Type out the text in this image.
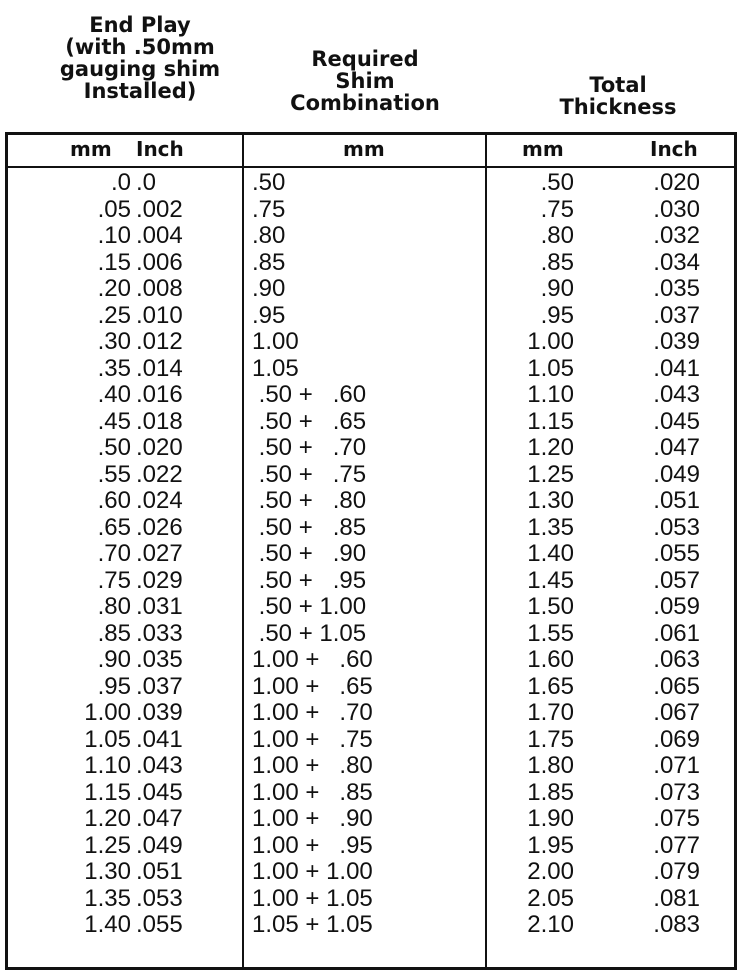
End Play
(with .50mm
gauging shim
Installed)
Required
Shim
Combination
Total
Thickness
mm Inch	mm	mm	Inch
.0 .0	.50	.50	.020
.05 .002	.75	.75	.030
.10 .004	.80	.80	.032
.15 .006	.85	.85	.034
.20 .008	.90	.90	.035
.25 .010	.95	.95	.037
.30 .012	1.00	1.00	.039
.35 .014	1.05	1.05	.041
.40 .016	.50 +   .60	1.10	.043
.45 .018	.50 +   .65	1.15	.045
.50 .020	.50 +   .70	1.20	.047
.55 .022	.50 +   .75	1.25	.049
.60 .024	.50 +   .80	1.30	.051
.65 .026	.50 +   .85	1.35	.053
.70 .027	.50 +   .90	1.40	.055
.75 .029	.50 +   .95	1.45	.057
.80 .031	.50 + 1.00	1.50	.059
.85 .033	.50 + 1.05	1.55	.061
.90 .035	1.00 +   .60	1.60	.063
.95 .037	1.00 +   .65	1.65	.065
1.00 .039	1.00 +   .70	1.70	.067
1.05 .041	1.00 +   .75	1.75	.069
1.10 .043	1.00 +   .80	1.80	.071
1.15 .045	1.00 +   .85	1.85	.073
1.20 .047	1.00 +   .90	1.90	.075
1.25 .049	1.00 +   .95	1.95	.077
1.30 .051	1.00 + 1.00	2.00	.079
1.35 .053	1.00 + 1.05	2.05	.081
1.40 .055	1.05 + 1.05	2.10	.083
